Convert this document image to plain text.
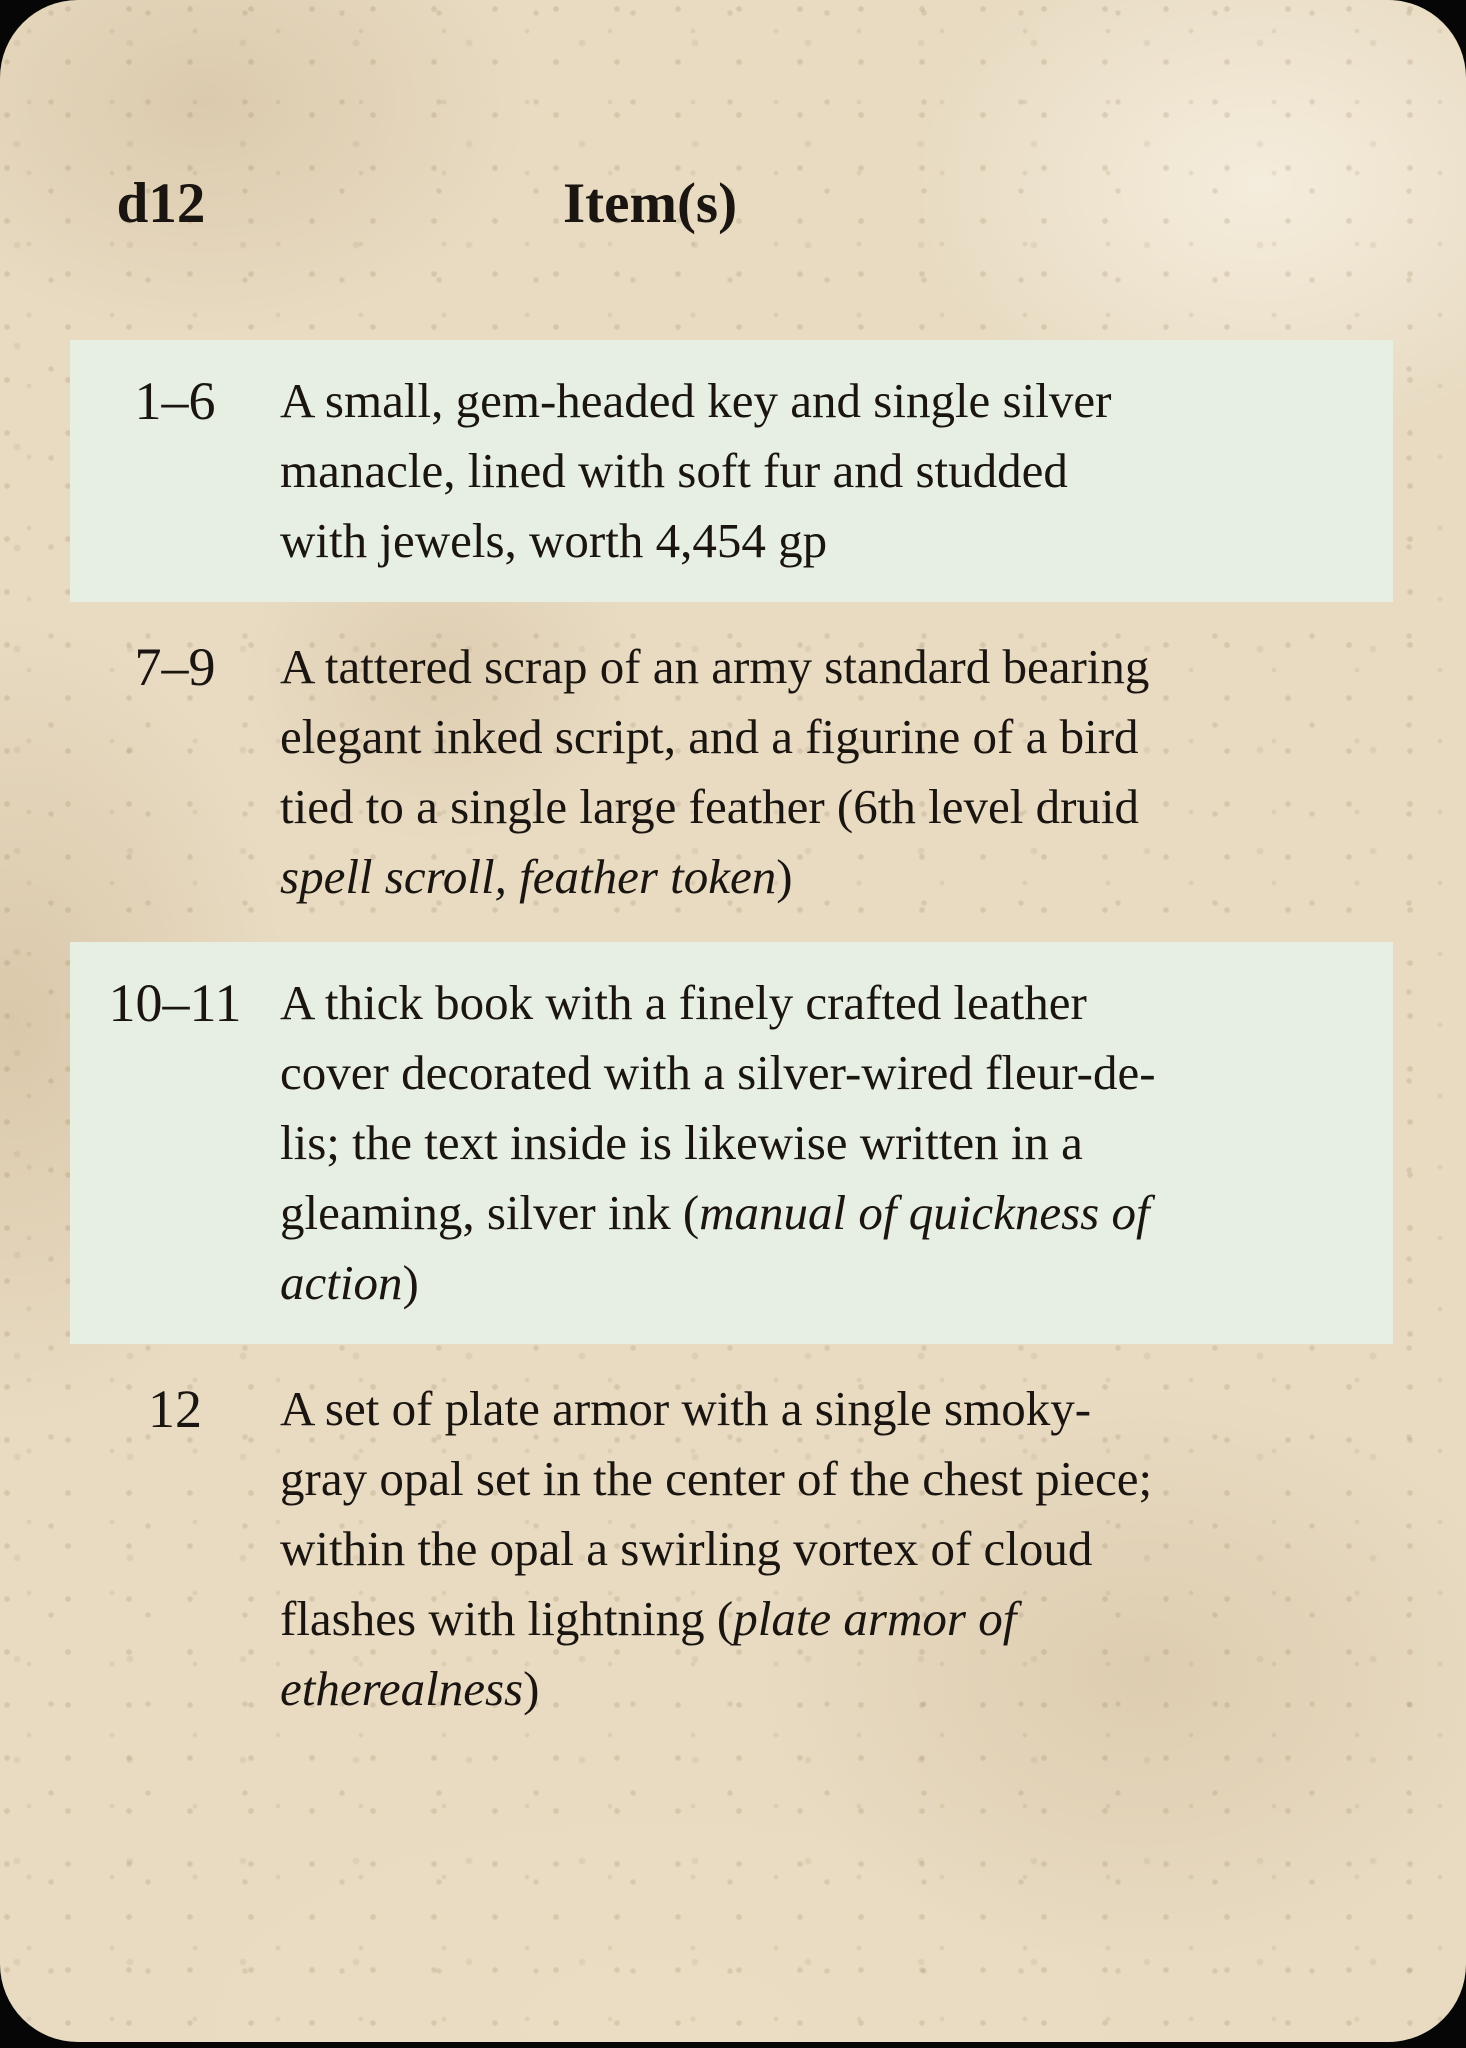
d12	Item(s)
1–6	A small, gem-headed key and single silver manacle, lined with soft fur and studded with jewels, worth 4,454 gp
7–9	A tattered scrap of an army standard bearing elegant inked script, and a figurine of a bird tied to a single large feather (6th level druid spell scroll, feather token)
10–11 A thick book with a finely crafted leather cover decorated with a silver-wired fleur-de-lis; the text inside is likewise written in a gleaming, silver ink (manual of quickness of action)
12	A set of plate armor with a single smoky-gray opal set in the center of the chest piece; within the opal a swirling vortex of cloud flashes with lightning (plate armor of etherealness)
